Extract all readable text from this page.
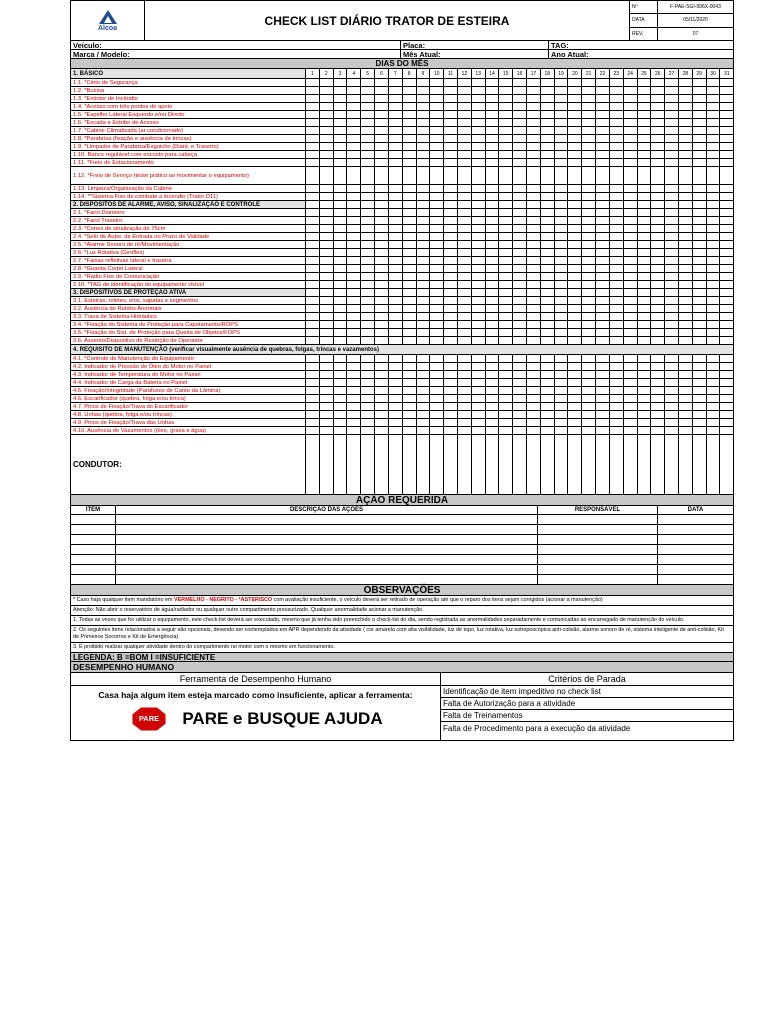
Alcoa
CHECK LIST DIÁRIO TRATOR DE ESTEIRA
Nº	F-PAE-SGI-996X-0043
DATA	05/11/2020
REV.	07
Veículo:	Placa:	TAG:
Marca / Modelo:	Mês Atual:	Ano Atual:
DIAS DO MÊS
1. BÁSICO	1	2	3	4	5	6	7	8	9	10	11	12	13	14	15	16	17	18	19	20	21	22	23	24	25	26	27	28	29	30	31
1.1. *Cinto de Segurança
1.2. *Buzina
1.3. *Extintor de Incêndio
1.4. *Acesso com três pontos de apoio
1.5. *Espelho Lateral Esquerdo e/ou Direito
1.6. *Escada e Estribo de Acesso
1.7. *Cabine Climatizada (ar condicionado)
1.8. *Parabrisa (fixação e ausência de trincas)
1.9. *Limpador de Parabrisa/Esguicho (Diant. e Traseiro)
1.10. Banco regulável com encosto para cabeça
1.11. *Freio de Estacionamento
1.12. *Freio de Serviço (teste prático ao movimentar o equipamento)
1.13. Limpeza/Organização da Cabine
1.14. **Sistema Fixo de combate a incendio (Trator D11)
2. DISPOSITOS DE ALARME, AVISO, SINALIZAÇÃO E CONTROLE
2.1. *Farol Dianteiro
2.2. *Farol Traseiro
2.3. *Cones de sinalização de 75cm
2.4. *Selo de Autor. de Entrada no Prazo de Validade
2.5. *Alarme Sonoro de ré/Movimentação
2.6. *Luz Rotativa (Giroflex)
2.7. *Faixas refletivas lateral e traseira
2.8. *Guarda Corpo Lateral
2.9. *Rádio Fixo de Comunicação
2.10. *TAG de identificação do equipamento visível
3. DISPOSITIVOS DE PROTEÇÃO ATIVA
3.1. Esteiras, roletes, elos, sapatas e segmentos
3.2. Ausência de Ruídos Anormais
3.3. Trava de Sistema Hidráulico
3.4. *Fixação do Sistema de Proteção para Capotamento/ROPS
3.5. *Fixação do Sist. de Proteção para Queda de Objetos/FOPS
3.6. Assento/Dispositivo de Restrição de Operador
4. REQUISITO DE MANUTENÇÃO (verificar visualmente ausência de quebras, folgas, trincas e vazamentos)
4.1. *Controle de Manutenção do Equipamento
4.2. Indicador de Pressão do Óleo do Motor no Painel
4.3. Indicador de Temperatura do Motor no Painel
4.4. Indicador de Carga da Bateria no Painel
4.5. Fixação/Integridade (Parafusos de Canto da Lâmina)
4.6. Escarificador (quebra, folga e/ou trinca)
4.7. Pinos de Fixação/Trava do Escarificador
4.8. Unhas (quebra, folga e/ou trincas)
4.9. Pinos de Fixação/Trava das Unhas
4.10. Ausência de Vazamentos (óleo, graxa e água)
CONDUTOR:
AÇÃO REQUERIDA
ITEM	DESCRIÇÃO DAS AÇÕES	RESPONSÁVEL	DATA
OBSERVAÇÕES
* Caso haja qualquer item mandatório em VERMELHO - NEGRITO - *ASTERISCO com avaliação insuficiente, o veículo deverá ser retirado de operação até que o reparo dos itens sejam corrigidos (acionar a manutenção)
Atenção: Não abrir o reservatório de água/radiador ou qualquer outro compartimento pressurizado. Qualquer anormalidade acionar a manutenção.
1. Todas as vezes que for utilizar o equipamento, este check-list deverá ser executado, mesmo que já tenha sido preenchido o check-list do dia, sendo registrada as anormalidades separadamente e comunicadas ao encarregado de manutenção do veículo.
2. Os seguintes itens relacionados a seguir são opcionais, devendo ser contemplados em APR dependendo da atividade ( cor amarela com alta visibilidade, luz de topo, luz rotativa, luz estroposcópica anti-colisão, alarme sonoro de ré, sistema inteligente de anti-colisão, Kit de Primeiros Socorros e Kit de Emergência)
3. É proibido realizar qualquer atividade dentro do compartimento no motor com o mesmo em funcionamento.
LEGENDA: B =BOM I =INSUFICIENTE
DESEMPENHO HUMANO
Ferramenta de Desempenho Humano
Casa haja algum item esteja marcado como insuficiente, aplicar a ferramenta:
PARE PARE e BUSQUE AJUDA
Critérios de Parada
Identificação de item impeditivo no check list
Falta de Autorização para a atividade
Falta de Treinamentos
Falta de Procedimento para a execução da atividade
